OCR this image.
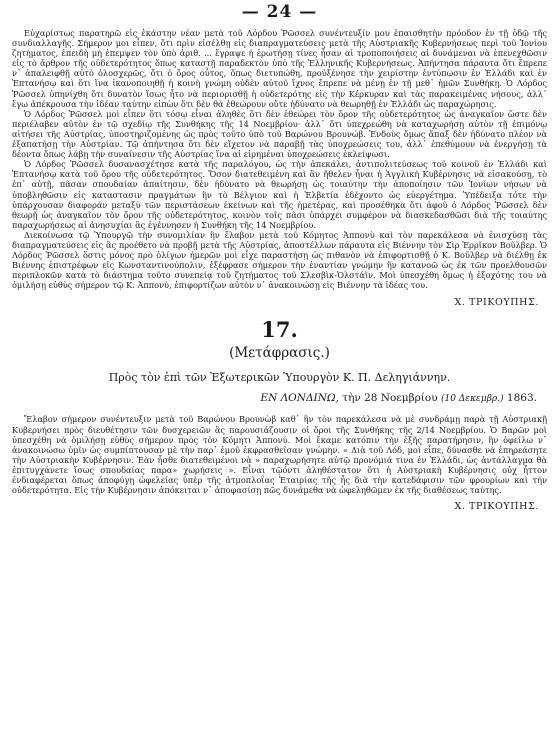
— 24 —

Εὐχαρίστως παρατηρῶ εἰς ἑκάστην νέαν μετὰ τοῦ Λόρδου Ῥῶσσελ συνέντευξίν μου ἐπαισθητὴν πρόοδον ἐν τῇ ὁδῷ τῆς συνδιαλλαγῆς. Σήμερον μοι εἶπεν, ὅτι πρὶν εἰσέλθῃ εἰς διαπραγματεύσεις μετὰ τῆς Αὐστριακῆς Κυβερνήσεως περὶ τοῦ Ἰονίου ζητήματος, ἐπειδὴ μὴ ἐπεμψεν τὸν ὑπὸ ἀριθ. ... ἔγραψε ἡ ἐρωτήσῃ τίνες ἦσαν αἱ τροποποιήσεις αἱ δυνάμεναι νὰ ἐπενεχθῶσιν εἰς τὸ ἄρθρον τῆς οὐδετερότητος ὅπως καταστῇ παραδεκτὸν ὑπὸ τῆς Ἑλληνικῆς Κυβερνήσεως. Ἀπήντησα πάραυτα ὅτι ἔπρεπε ν᾽ ἀπαλειφθῇ αὐτὸ ὁλοσχερῶς, ὅτι ὁ ὅρος οὗτος, ὅπως διετυπώθη, προὐξένησε τὴν χειρίστην ἐντύπωσιν ἐν Ἑλλάδι καὶ ἐν Ἑπτανήσῳ καὶ ὅτι ἵνα ἱκανοποιηθῇ ἡ κοινὴ γνώμη οὐδὲν αὐτοῦ ἴχνος ἔπρεπε νὰ μένῃ ἐν τῇ μεθ᾽ ἡμῶν Συνθήκῃ. Ὁ Λόρδος Ῥῶσσελ ὑπηνίχθη ὅτι δυνατὸν ἴσως ἦτο νὰ περιορισθῇ ἡ οὐδετερότης εἰς τὴν Κέρκυραν καὶ τὰς παρακειμένας νήσους, ἀλλ᾽ ἔγω ἀπέκρουσα τὴν ἰδέαν ταύτην εἰπὼν ὅτι δὲν θὰ ἐθεώρουν οὔτε ἡδύνατο νὰ θεωρηθῇ ἐν Ἑλλάδι ὡς παραχώρησις.

Ὁ Λόρδος Ῥῶσσελ μοὶ εἶπεν ὅτι τόσῳ εἶναι ἀληθὲς ὅτι δὲν ἐθεώρει τὸν ὅρον τῆς οὐδετερότητος ὡς ἀναγκαῖον ὥστε δὲν περιέλαβεν αὐτὸν ἐν τῷ σχεδίῳ τῆς Συνθήκης τῆς 14 Νοεμβρίου· ἀλλ᾽ ὅτι ὑπεχρεώθη νὰ καταχωρήσῃ αὐτὸν τῇ ἐπιμόνῳ αἰτήσει τῆς Αὐστρίας, ὑποστηριζομένης ὡς πρὸς τοῦτο ὑπὸ τοῦ Βαρώνου Βρουνώβ. Ἐνδοὺς ὅμως ἅπαξ δὲν ἠδύνατο πλέον νὰ ἐξαπατήσῃ τὴν Αὐστρίαν. Τῷ ἀπήντησα ὅτι δὲν εἴχετον νὰ παραβῇ τὰς ὑποχρεώσεις του, ἀλλ᾽ ἐπεθύμουν νὰ ἐνεργήσῃ τὰ δέοντα ὅπως λάβῃ τὴν συναίνεσιν τῆς Αὐστρίας ἵνα αἱ εἰρημέναι ὑποχρεώσεις ἐκλείψωσι.

Ὁ Λόρδος Ῥῶσσελ δυσανασχέτησε κατὰ τῆς παραλόγου, ὡς τὴν ἀπεκάλει, ἀντιπολιτεύσεως τοῦ κοινοῦ ἐν Ἑλλάδι καὶ Ἑπτανήσῳ κατὰ τοῦ ὅρου τῆς οὐδετερότητος. Ὅσον διατεθειμένη καὶ ἂν ἤθελεν ἦναι ἡ Ἀγγλικὴ Κυβέρνησις νὰ εἰσακούσῃ, τὸ ἐπ᾽ αὐτῇ, πᾶσαν σπουδαίαν ἀπαίτησιν, δὲν ἠδύνατο νὰ θεωρήσῃ ὡς τοιαύτην τὴν ἀποποίησιν τῶν Ἰονίων νήσων νὰ ὑποβληθῶσιν εἰς καταστασιν πραγμάτων ἣν τὸ Βέλγιον καὶ ἡ Ἑλβετία ἐδέχοντο ὡς εὐεργέτημα. Ὑπέδειξα τότε τὴν ὑπάρχουσαν διαφορὰν μεταξὺ τῶν περιστάσεων ἐκείνων καὶ τῆς ἡμετέρας, καὶ προσέθηκα ὅτι ἀφοῦ ὁ Λόρδος Ῥῶσσελ δὲν θεωρῇ ὡς ἀναγκαῖον τὸν ὅρον τῆς οὐδετερότητος, κοινὸν τοῖς πᾶσι ὑπάρχει συμφέρον νὰ διασκεδασθῶσι διὰ τῆς τοιαύτης παραχωρήσεως αἱ ἀνησυχίαι ἃς ἐγέννησεν ἡ Συνθήκη τῆς 14 Νοεμβρίου.

Διεκοίνωσα τῷ Ὑπουργῷ τὴν συνομιλίαν ἣν ἔλαβον μετὰ τοῦ Κόμητος Ἀππονὺ καὶ τὸν παρεκάλεσα νὰ ἐνισχύσῃ τὰς διαπραγματεύσεις εἰς ἃς προέθετο νὰ προβῇ μετὰ τῆς Αὐστρίας, ἀποστέλλων πάραυτα εἰς Βιέννην τὸν Σὶρ Ἑρρῖκον Βοῦλβερ. Ὁ Λόρδος Ῥῶσσελ ὅστις μόνος πρὸ ὀλίγων ἡμερῶν μοὶ εἶχε παραστήσῃ ὡς πιθανὸν νὰ ἐπιφορτισθῇ ὁ Κ. Βοῦλβερ νὰ διέλθῃ ἐκ Βιέννης ἐπιστρέφων εἰς Κωνσταντινούπολιν, ἐξέφρασε σήμερον τὴν ἐναντίαν γνώμην ἣν κατανοῶ ὡς ἐκ τῶν προελθουσῶν περιπλοκῶν κατὰ τὸ διάστημα τοῦτο συνεπείᾳ τοῦ ζητήματος τοῦ Σλεσβὶκ-Ὁλστάϊν. Μοὶ ὑπεσχέθη ὅμως ἡ ἐξοχότης του νὰ ὁμιλήσῃ εὐθὺς σήμερον τῷ Κ. Ἀππονύ, ἐπιφορτίζων αὐτὸν ν᾽ ἀνακοινώσῃ εἰς Βιέννην τὰ ἰδέας του.

Χ. ΤΡΙΚΟΥΠΗΣ.
17.
(Μετάφρασις.)
Πρὸς τὸν ἐπὶ τῶν Ἐξωτερικῶν Ὑπουργὸν Κ. Π. Δεληγιάννην.
ΕΝ ΛΟΝΔΙΝΩ, τὴν 28 Νοεμβρίου (10 Δεκεμβρ.) 1863.

Ἔλαβον σήμερον συνέντευξιν μετὰ τοῦ Βαρώνου Βρουνὼβ καθ᾽ ἣν τὸν παρεκάλεσα νὰ μὲ συνδράμῃ παρὰ τῇ Αὐστριακῇ Κυβερνήσει πρὸς διευθέτησιν τῶν δυσχερειῶν ἃς παρουσιάζουσιν οἱ ὅροι τῆς Συνθήκης τῆς 2/14 Νοεμβρίου. Ὁ Βαρῶν μοὶ ὑπεσχέθη νὰ ὁμιλήσῃ εὐθὺς σήμερον πρὸς τὸν Κόμητι Ἀππονύ. Μοὶ ἔκαμε κατόπιν τὴν ἑξῆς παρατήρησιν, ἣν ὀφείλω ν᾽ ἀνακοινώσω ὑμῖν ὡς συμπίπτουσαν μὲ τὴν παρ᾽ ἐμοῦ ἐκφρασθεῖσαν γνώμην. « Διὰ τοῦ Λόδ, μοὶ εἶπε, δύνασθε νὰ ἐπηρεάσητε τὴν Αὐστριακὴν Κυβέρνησιν. Ἐὰν ἦσθε διατεθειμένοι νὰ » παραχωρήσητε αὐτῷ προνόμιά τινα ἐν Ἑλλάδι, ὡς ἀντάλλαγμα θὰ ἐπιτυγχάνετε ἴσως σπουδαίας παρα» χωρήσεις ». Εἶναι τῷόντι ἀληθέστατον ὅτι ἡ Αὐστριακὴ Κυβέρνησις οὐχ ἧττον ἐνδιαφέρεται ὅπως ἀποφύγῃ ὠφελείας ὑπὲρ τῆς ἀτμοπλοΐας Ἑταιρίας τῆς ἧς διὰ τὴν κατεδάφισιν τῶν φρουρίων καὶ τὴν οὐδετερότητα. Εἰς τὴν Κυβέρνησιν ἀπόκειται ν᾽ ἀποφασίσῃ πῶς δυνάμεθα νὰ ὠφεληθῶμεν ἐκ τῆς διαθέσεως ταύτης.

Χ. ΤΡΙΚΟΥΠΗΣ.
